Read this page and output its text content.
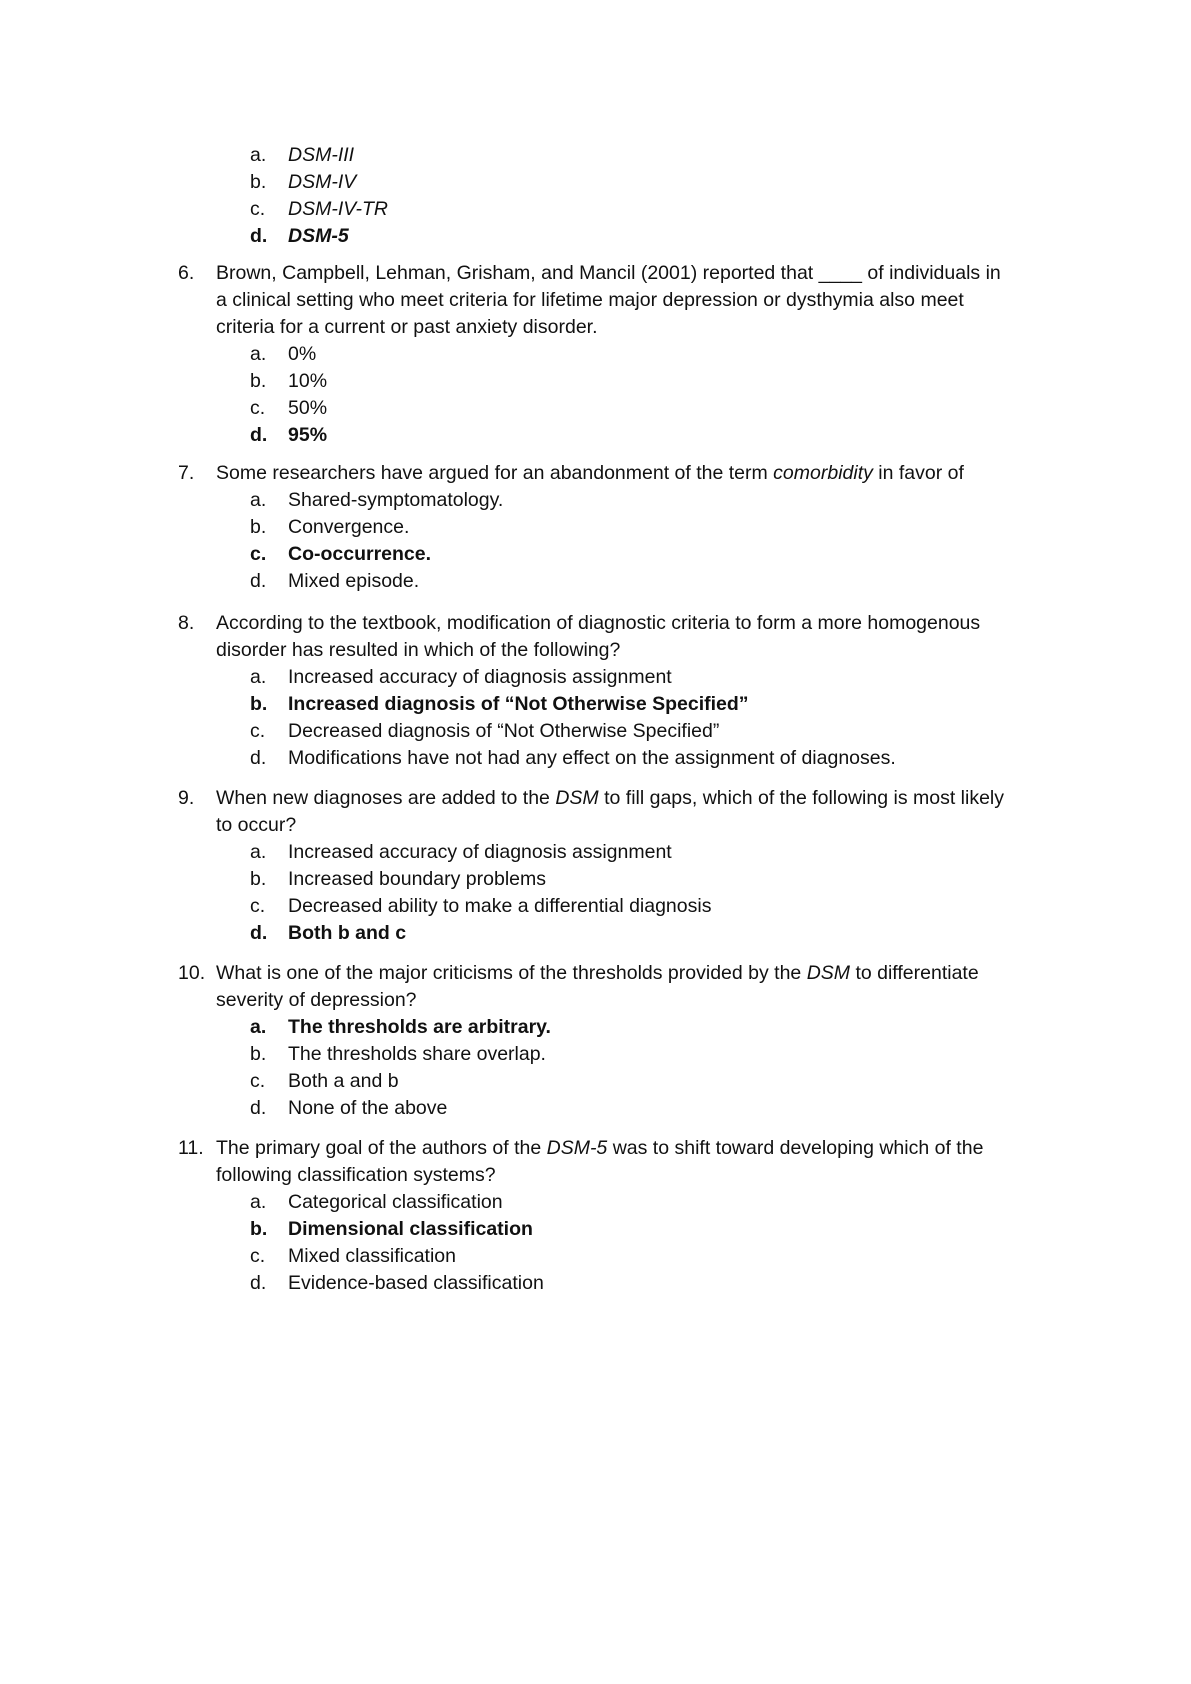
a.	DSM-III
b.	DSM-IV
c.	DSM-IV-TR
d.	DSM-5
6.	Brown, Campbell, Lehman, Grisham, and Mancil (2001) reported that ____ of individuals in a clinical setting who meet criteria for lifetime major depression or dysthymia also meet criteria for a current or past anxiety disorder.
a.	0%
b.	10%
c.	50%
d.	95%
7.	Some researchers have argued for an abandonment of the term comorbidity in favor of
a.	Shared-symptomatology.
b.	Convergence.
c.	Co-occurrence.
d.	Mixed episode.
8.	According to the textbook, modification of diagnostic criteria to form a more homogenous disorder has resulted in which of the following?
a.	Increased accuracy of diagnosis assignment
b.	Increased diagnosis of “Not Otherwise Specified”
c.	Decreased diagnosis of “Not Otherwise Specified”
d.	Modifications have not had any effect on the assignment of diagnoses.
9.	When new diagnoses are added to the DSM to fill gaps, which of the following is most likely to occur?
a.	Increased accuracy of diagnosis assignment
b.	Increased boundary problems
c.	Decreased ability to make a differential diagnosis
d.	Both b and c
10. What is one of the major criticisms of the thresholds provided by the DSM to differentiate severity of depression?
a.	The thresholds are arbitrary.
b.	The thresholds share overlap.
c.	Both a and b
d.	None of the above
11. The primary goal of the authors of the DSM-5 was to shift toward developing which of the following classification systems?
a.	Categorical classification
b.	Dimensional classification
c.	Mixed classification
d.	Evidence-based classification
